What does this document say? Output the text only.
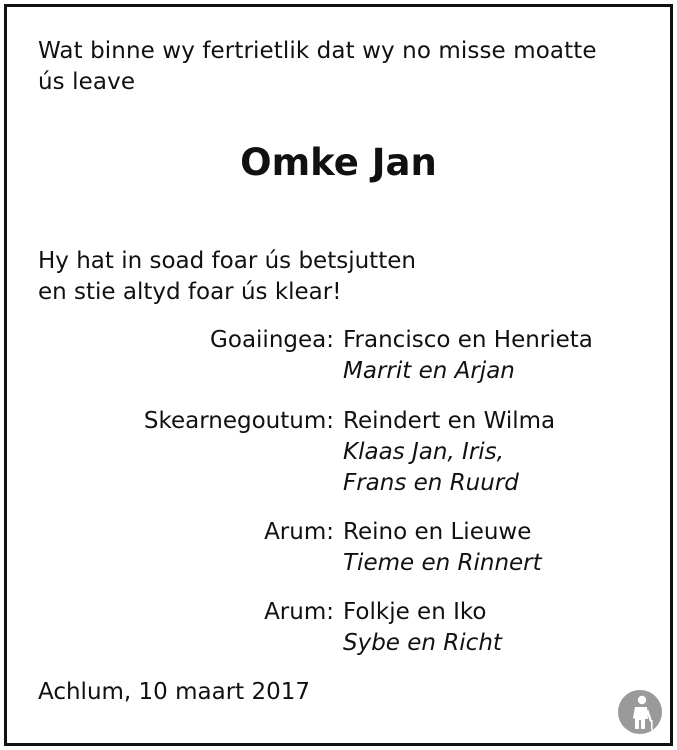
Wat binne wy fertrietlik dat wy no misse moatte
ús leave
Omke Jan
Hy hat in soad foar ús betsjutten
en stie altyd foar ús klear!
Goaiingea: Francisco en Henrieta
Marrit en Arjan
Skearnegoutum: Reindert en Wilma
Klaas Jan, Iris,
Frans en Ruurd
Arum: Reino en Lieuwe
Tieme en Rinnert
Arum: Folkje en Iko
Sybe en Richt
Achlum, 10 maart 2017
